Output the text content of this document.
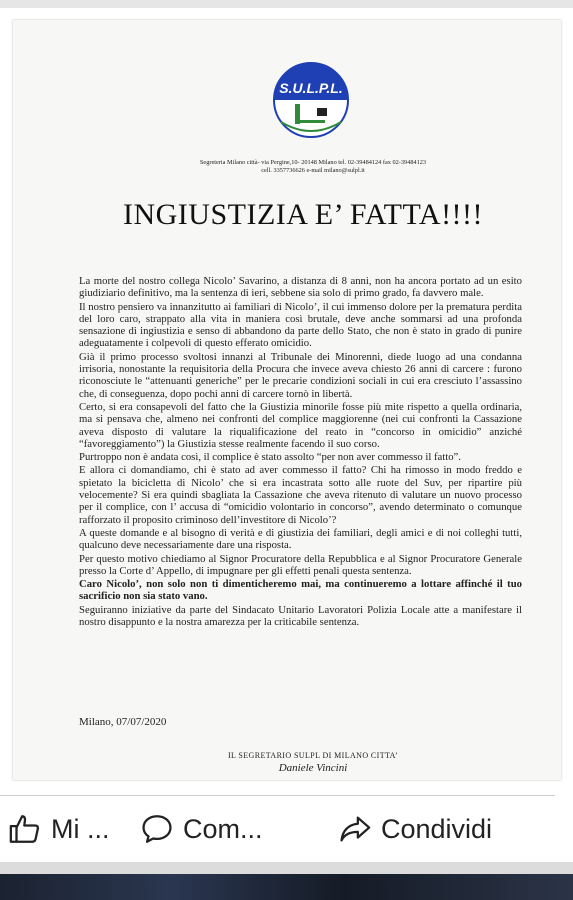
S.U.L.P.L.
Segreteria Milano città- via Pergine,10- 20148 Milano tel. 02-39484124 fax 02-39484123
cell. 3357736626 e-mail milano@sulpl.it
INGIUSTIZIA E’ FATTA!!!!

La morte del nostro collega Nicolo’ Savarino, a distanza di 8 anni, non ha ancora portato ad un esito giudiziario definitivo, ma la sentenza di ieri, sebbene sia solo di primo grado, fa davvero male.

Il nostro pensiero va innanzitutto ai familiari di Nicolo’, il cui immenso dolore per la prematura perdita del loro caro, strappato alla vita in maniera così brutale, deve anche sommarsi ad una profonda sensazione di ingiustizia e senso di abbandono da parte dello Stato, che non è stato in grado di punire adeguatamente i colpevoli di questo efferato omicidio.

Già il primo processo svoltosi innanzi al Tribunale dei Minorenni, diede luogo ad una condanna irrisoria, nonostante la requisitoria della Procura che invece aveva chiesto 26 anni di carcere : furono riconosciute le “attenuanti generiche” per le precarie condizioni sociali in cui era cresciuto l’assassino che, di conseguenza, dopo pochi anni di carcere tornò in libertà.

Certo, si era consapevoli del fatto che la Giustizia minorile fosse più mite rispetto a quella ordinaria, ma si pensava che, almeno nei confronti del complice maggiorenne (nei cui confronti la Cassazione aveva disposto di valutare la riqualificazione del reato in “concorso in omicidio” anziché “favoreggiamento”) la Giustizia stesse realmente facendo il suo corso.

Purtroppo non è andata così, il complice è stato assolto “per non aver commesso il fatto”.

E allora ci domandiamo, chi è stato ad aver commesso il fatto? Chi ha rimosso in modo freddo e spietato la bicicletta di Nicolo’ che si era incastrata sotto alle ruote del Suv, per ripartire più velocemente? Si era quindi sbagliata la Cassazione che aveva ritenuto di valutare un nuovo processo per il complice, con l’ accusa di “omicidio volontario in concorso”, avendo determinato o comunque rafforzato il proposito criminoso dell’investitore di Nicolo’?

A queste domande e al bisogno di verità e di giustizia dei familiari, degli amici e di noi colleghi tutti, qualcuno deve necessariamente dare una risposta.

Per questo motivo chiediamo al Signor Procuratore della Repubblica e al Signor Procuratore Generale presso la Corte d’ Appello, di impugnare per gli effetti penali questa sentenza.

Caro Nicolo’, non solo non ti dimenticheremo mai, ma continueremo a lottare affinché il tuo sacrificio non sia stato vano.

Seguiranno iniziative da parte del Sindacato Unitario Lavoratori Polizia Locale atte a manifestare il nostro disappunto e la nostra amarezza per la criticabile sentenza.

Milano, 07/07/2020
IL SEGRETARIO SULPL DI MILANO CITTA’
Daniele Vincini
Mi ...	Com...	Condividi
